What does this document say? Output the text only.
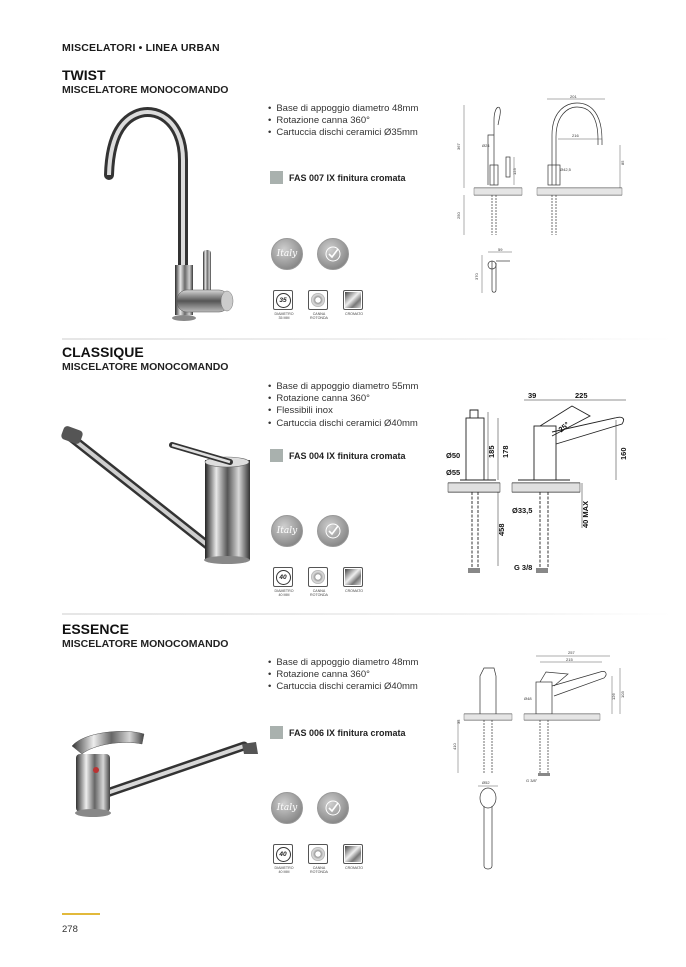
MISCELATORI • LINEA URBAN
TWIST
MISCELATORE MONOCOMANDO
• Base di appoggio diametro 48mm
• Rotazione canna 360°
• Cartuccia dischi ceramici Ø35mm
FAS 007 IX finitura cromata
Italy
35
DIAMETRO
35 MM
CANNA
ROTONDA
CROMATO
367
250
Ø24
123
201
216
Ø42,5
85
59
370
CLASSIQUE
MISCELATORE MONOCOMANDO
• Base di appoggio diametro 55mm
• Rotazione canna 360°
• Flessibili inox
• Cartuccia dischi ceramici Ø40mm
FAS 004 IX finitura cromata
Italy
40
DIAMETRO
40 MM
CANNA
ROTONDA
CROMATO
39	225
25°
185 178	160
Ø50
Ø55
Ø33,5
458
40 MAX
G 3/8
ESSENCE
MISCELATORE MONOCOMANDO
• Base di appoggio diametro 48mm
• Rotazione canna 360°
• Cartuccia dischi ceramici Ø40mm
FAS 006 IX finitura cromata
Italy
40
DIAMETRO
40 MM
CANNA
ROTONDA
CROMATO
257
215
Ø48	126 103
35
410
G 3/8"
Ø52
278
